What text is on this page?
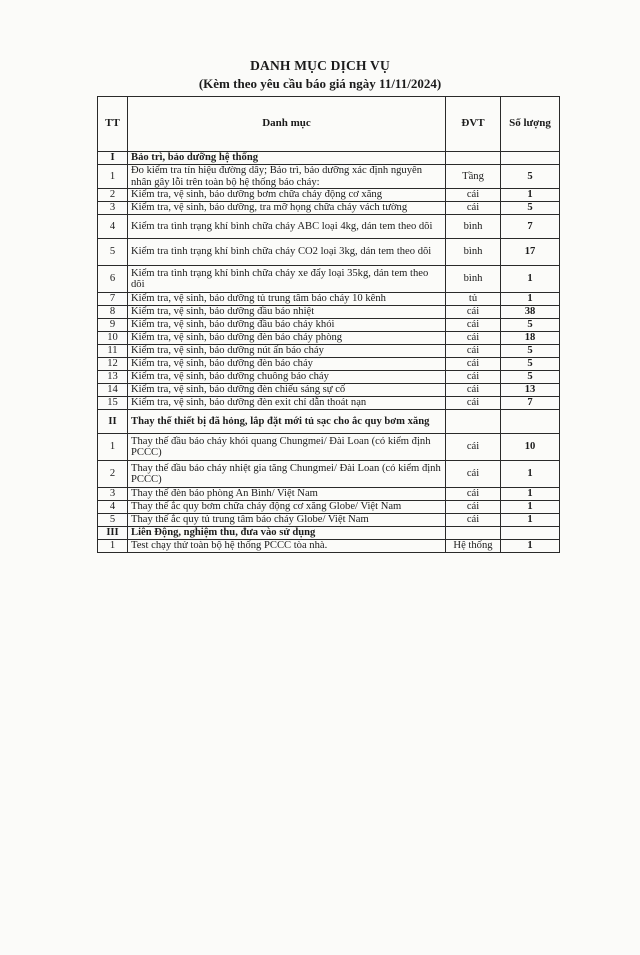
DANH MỤC DỊCH VỤ
(Kèm theo yêu cầu báo giá ngày 11/11/2024)
TT	Danh mục	ĐVT	Số lượng
I	Bảo trì, bảo dưỡng hệ thống		
1	Đo kiểm tra tín hiệu đường dây; Bảo trì, bảo dưỡng xác định nguyên nhân gây lỗi trên toàn bộ hệ thống báo cháy:	Tầng	5
2	Kiểm tra, vệ sinh, bảo dưỡng bơm chữa cháy động cơ xăng	cái	1
3	Kiểm tra, vệ sinh, bảo dưỡng, tra mỡ họng chữa cháy vách tường	cái	5
4	Kiểm tra tình trạng khí bình chữa cháy ABC loại 4kg, dán tem theo dõi	bình	7
5	Kiểm tra tình trạng khí bình chữa cháy CO2 loại 3kg, dán tem theo dõi	bình	17
6	Kiểm tra tình trạng khí bình chữa cháy xe đẩy loại 35kg, dán tem theo dõi	bình	1
7	Kiểm tra, vệ sinh, bảo dưỡng tủ trung tâm báo cháy 10 kênh	tủ	1
8	Kiểm tra, vệ sinh, bảo dưỡng đầu báo nhiệt	cái	38
9	Kiểm tra, vệ sinh, bảo dưỡng đầu báo cháy khói	cái	5
10	Kiểm tra, vệ sinh, bảo dưỡng đèn báo cháy phòng	cái	18
11	Kiểm tra, vệ sinh, bảo dưỡng nút ấn báo cháy	cái	5
12	Kiểm tra, vệ sinh, bảo dưỡng đèn báo cháy	cái	5
13	Kiểm tra, vệ sinh, bảo dưỡng chuông báo cháy	cái	5
14	Kiểm tra, vệ sinh, bảo dưỡng đèn chiếu sáng sự cố	cái	13
15	Kiểm tra, vệ sinh, bảo dưỡng đèn exit chỉ dẫn thoát nạn	cái	7
II	Thay thế thiết bị đã hỏng, lắp đặt mới tủ sạc cho ắc quy bơm xăng		
1	Thay thế đầu báo cháy khói quang Chungmei/ Đài Loan (có kiểm định PCCC)	cái	10
2	Thay thế đầu báo cháy nhiệt gia tăng Chungmei/ Đài Loan (có kiểm định PCCC)	cái	1
3	Thay thế đèn báo phòng An Bình/ Việt Nam	cái	1
4	Thay thế ắc quy bơm chữa cháy động cơ xăng Globe/ Việt Nam	cái	1
5	Thay thế ắc quy tủ trung tâm báo cháy Globe/ Việt Nam	cái	1
III	Liên Động, nghiệm thu, đưa vào sử dụng		
1	Test chạy thử toàn bộ hệ thống PCCC tòa nhà.	Hệ thống	1
